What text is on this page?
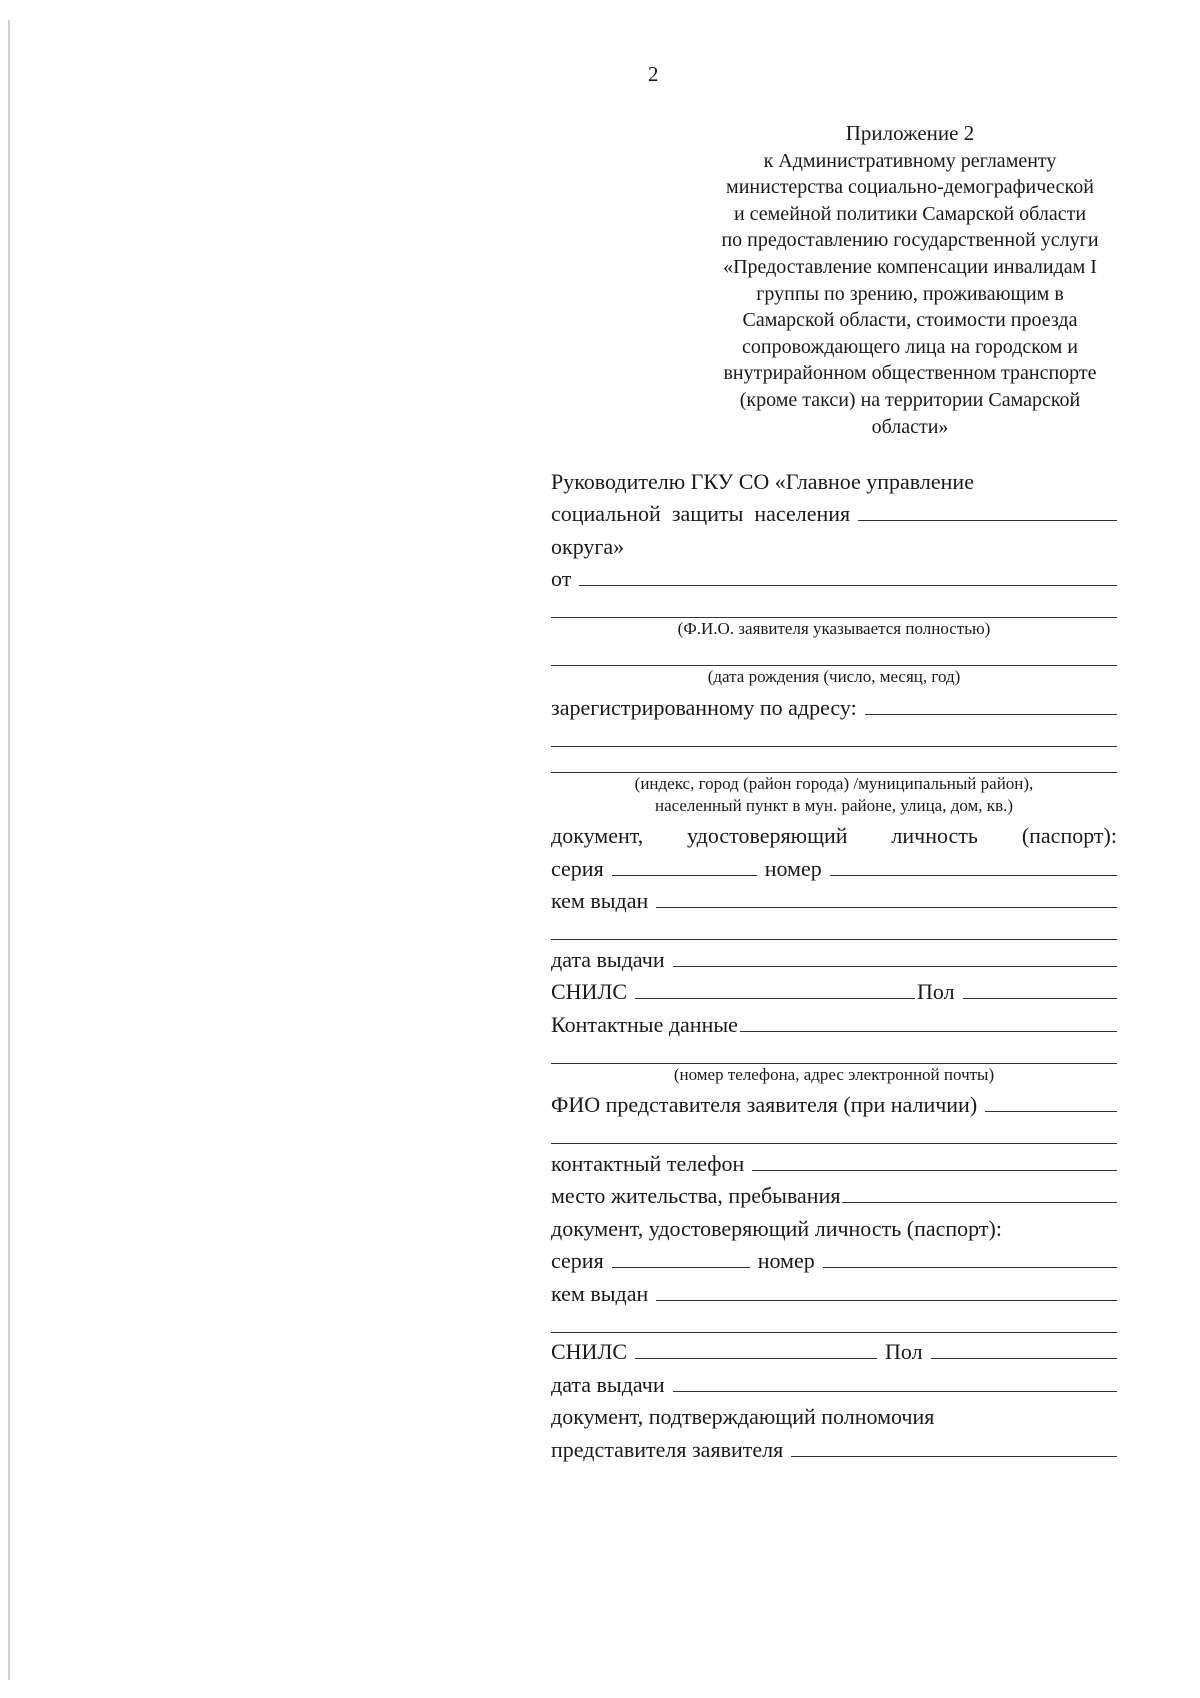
2
Приложение 2
к Административному регламенту
министерства социально-демографической
и семейной политики Самарской области
по предоставлению государственной услуги
«Предоставление компенсации инвалидам I
группы по зрению, проживающим в
Самарской области, стоимости проезда
сопровождающего лица на городском и
внутрирайонном общественном транспорте
(кроме такси) на территории Самарской
области»
Руководителю ГКУ СО «Главное управление
социальной  защиты  населения
округа»
от
(Ф.И.О. заявителя указывается полностью)
(дата рождения (число, месяц, год)
зарегистрированному по адресу:
(индекс, город (район города) /муниципальный район),
населенный пункт в мун. районе, улица, дом, кв.)
документ, удостоверяющий личность (паспорт):
серия	номер
кем выдан
дата выдачи
СНИЛС	Пол
Контактные данные
(номер телефона, адрес электронной почты)
ФИО представителя заявителя (при наличии)
контактный телефон
место жительства, пребывания
документ, удостоверяющий личность (паспорт):
серия	номер
кем выдан
СНИЛС	Пол
дата выдачи
документ, подтверждающий полномочия
представителя заявителя
